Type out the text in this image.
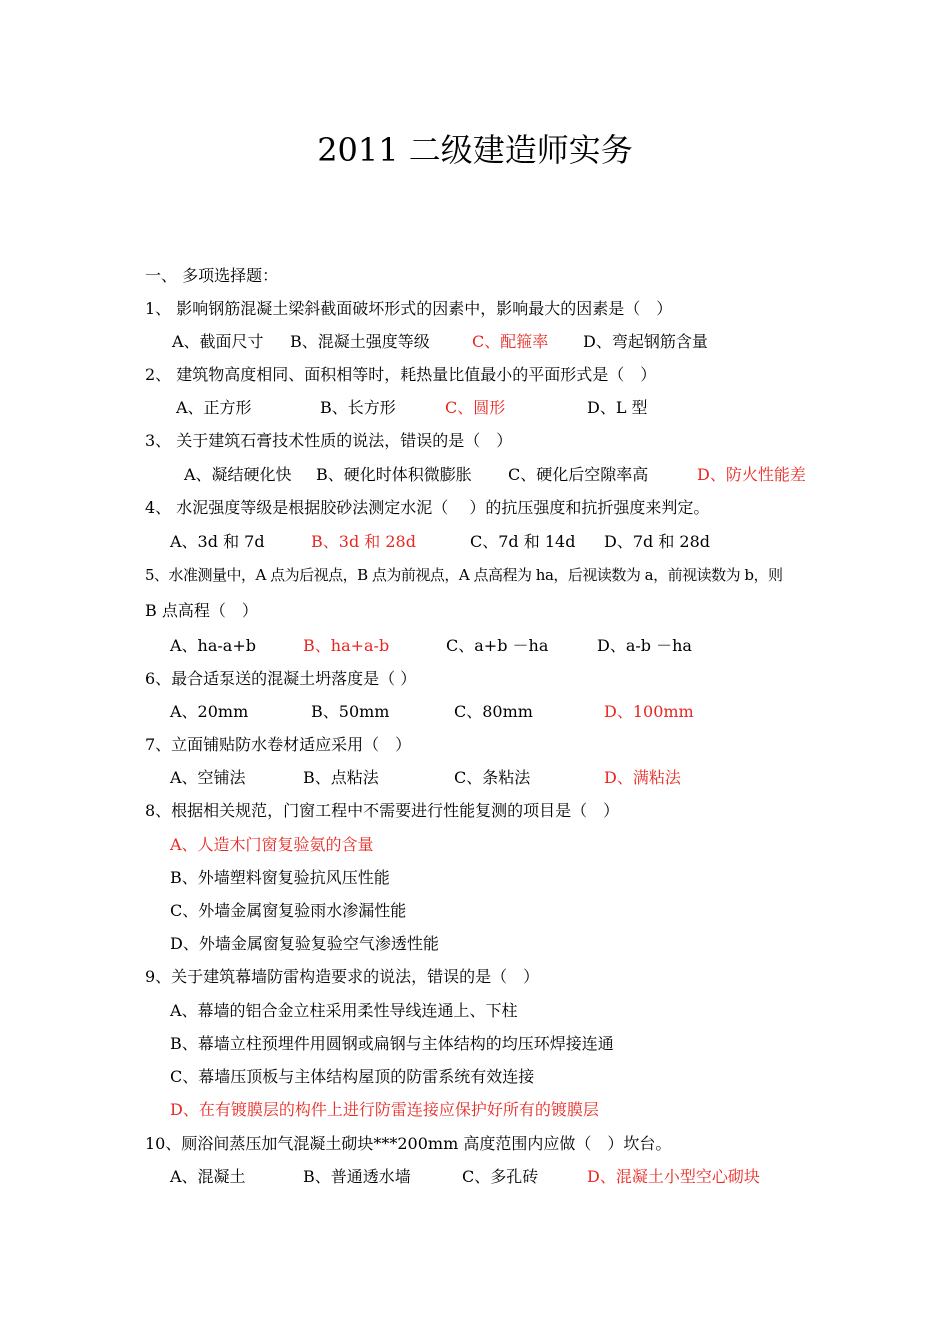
2011 二级建造师实务
一、 多项选择题：
1、 影响钢筋混凝土梁斜截面破坏形式的因素中，影响最大的因素是（　）
A、截面尺寸 B、混凝土强度等级	C、配箍率 D、弯起钢筋含量
2、 建筑物高度相同、面积相等时，耗热量比值最小的平面形式是（　）
A、正方形	B、长方形	C、圆形	D、L 型
3、 关于建筑石膏技术性质的说法，错误的是（　）
A、凝结硬化快 B、硬化时体积微膨胀 C、硬化后空隙率高	D、防火性能差
4、 水泥强度等级是根据胶砂法测定水泥（　 ）的抗压强度和抗折强度来判定。
A、3d 和 7d	B、3d 和 28d	C、7d 和 14d D、7d 和 28d
5、水准测量中，A 点为后视点，B 点为前视点，A 点高程为 ha，后视读数为 a，前视读数为 b，则
B 点高程（　）
A、ha-a+b	B、ha+a-b	C、a+b －ha	D、a-b －ha
6、最合适泵送的混凝土坍落度是（ ）
A、20mm	B、50mm	C、80mm	D、100mm
7、立面铺贴防水卷材适应采用（　）
A、空铺法	B、点粘法	C、条粘法	D、满粘法
8、根据相关规范，门窗工程中不需要进行性能复测的项目是（　）
A、人造木门窗复验氨的含量
B、外墙塑料窗复验抗风压性能
C、外墙金属窗复验雨水渗漏性能
D、外墙金属窗复验复验空气渗透性能
9、关于建筑幕墙防雷构造要求的说法，错误的是（　）
A、幕墙的铝合金立柱采用柔性导线连通上、下柱
B、幕墙立柱预埋件用圆钢或扁钢与主体结构的均压环焊接连通
C、幕墙压顶板与主体结构屋顶的防雷系统有效连接
D、在有镀膜层的构件上进行防雷连接应保护好所有的镀膜层
10、厕浴间蒸压加气混凝土砌块***200mm 高度范围内应做（　）坎台。
A、混凝土	B、普通透水墙	C、多孔砖	D、混凝土小型空心砌块
